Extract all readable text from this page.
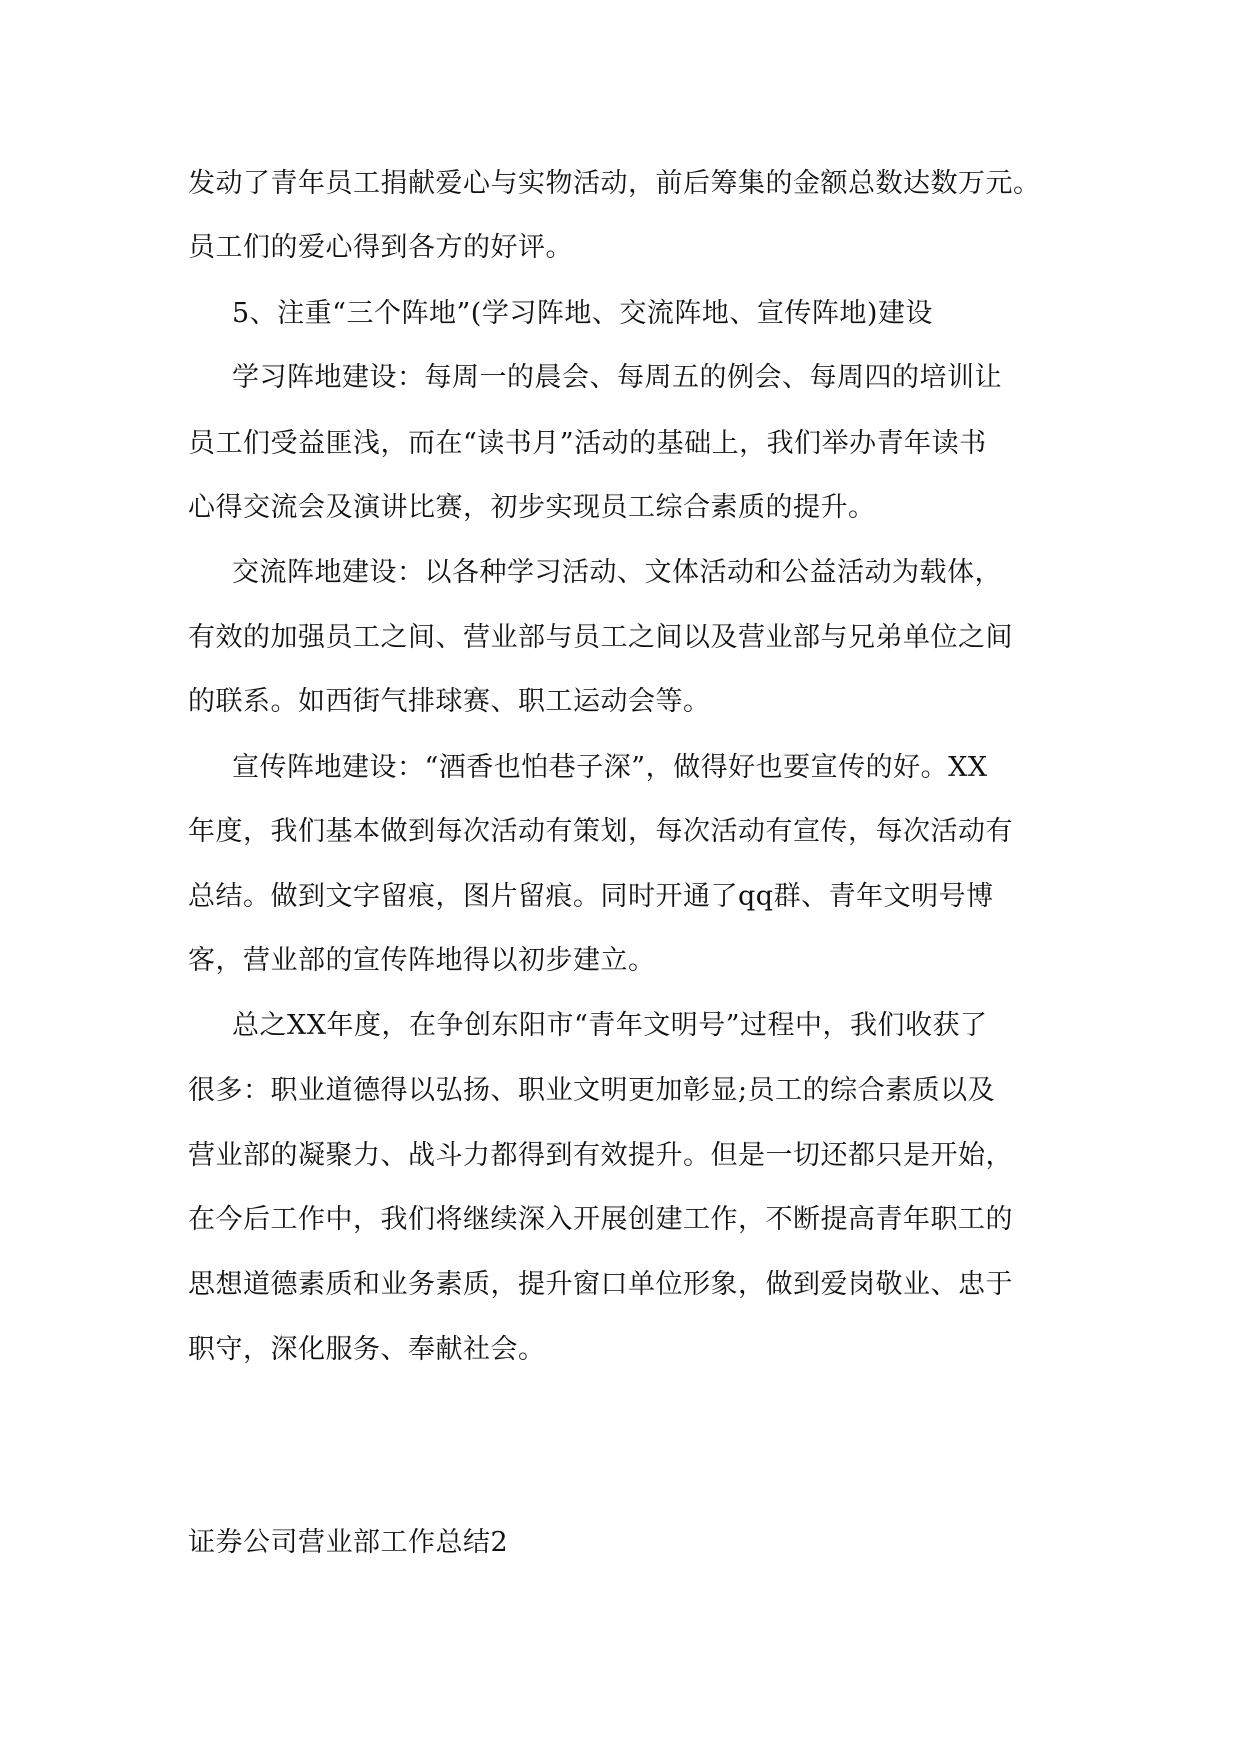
发动了青年员工捐献爱心与实物活动，前后筹集的金额总数达数万元。
员工们的爱心得到各方的好评。
5、注重“三个阵地”(学习阵地、交流阵地、宣传阵地)建设
学习阵地建设：每周一的晨会、每周五的例会、每周四的培训让
员工们受益匪浅，而在“读书月”活动的基础上，我们举办青年读书
心得交流会及演讲比赛，初步实现员工综合素质的提升。
交流阵地建设：以各种学习活动、文体活动和公益活动为载体，
有效的加强员工之间、营业部与员工之间以及营业部与兄弟单位之间
的联系。如西街气排球赛、职工运动会等。
宣传阵地建设：“酒香也怕巷子深”，做得好也要宣传的好。XX
年度，我们基本做到每次活动有策划，每次活动有宣传，每次活动有
总结。做到文字留痕，图片留痕。同时开通了qq群、青年文明号博
客，营业部的宣传阵地得以初步建立。
总之XX年度，在争创东阳市“青年文明号”过程中，我们收获了
很多：职业道德得以弘扬、职业文明更加彰显;员工的综合素质以及
营业部的凝聚力、战斗力都得到有效提升。但是一切还都只是开始，
在今后工作中，我们将继续深入开展创建工作，不断提高青年职工的
思想道德素质和业务素质，提升窗口单位形象，做到爱岗敬业、忠于
职守，深化服务、奉献社会。
证券公司营业部工作总结2
